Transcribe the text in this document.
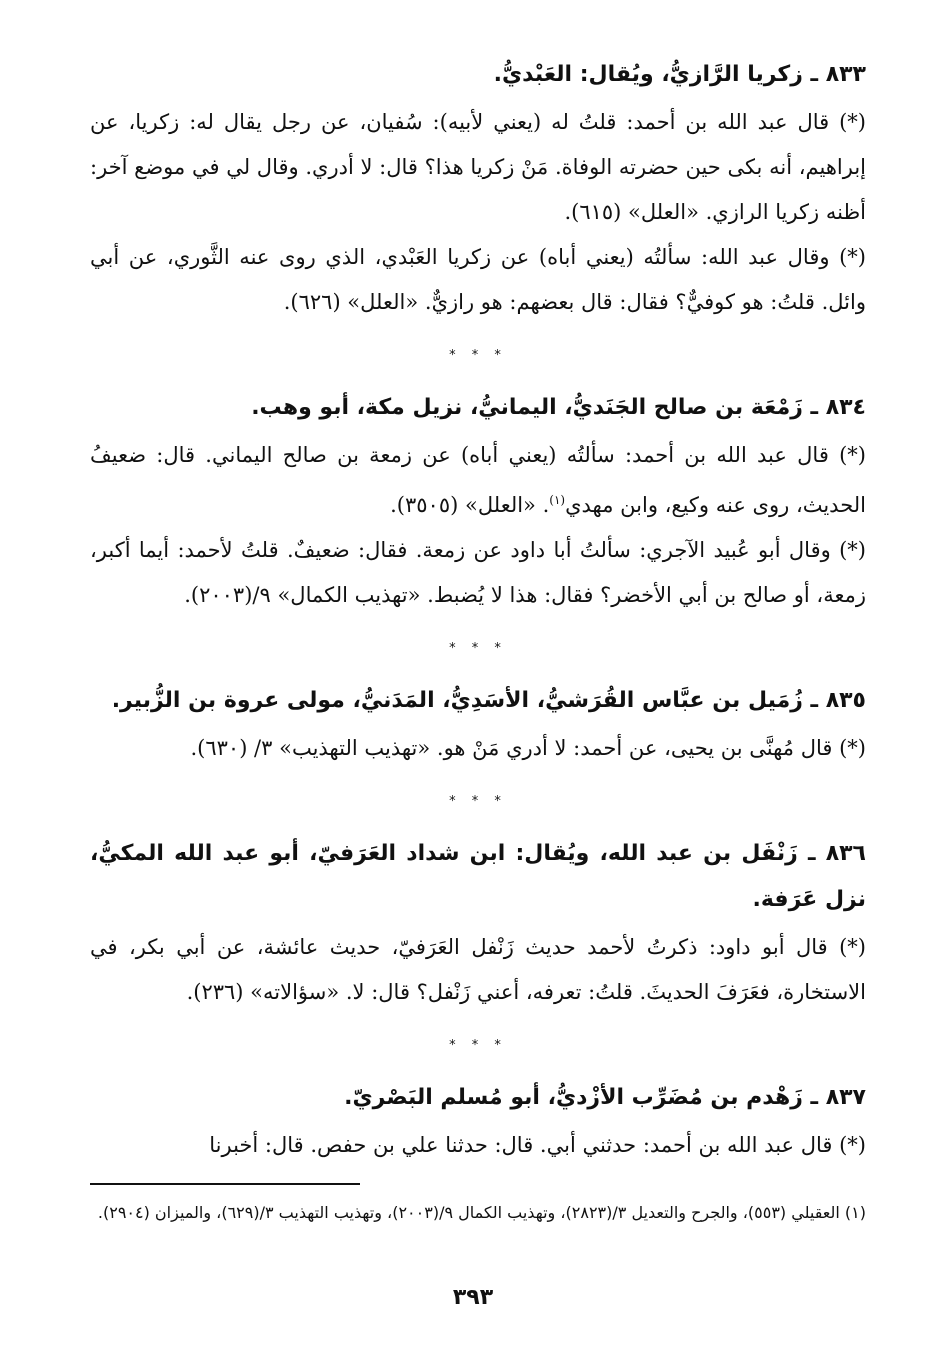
٨٣٣ ـ زكريا الرَّازيُّ، ويُقال: العَبْديُّ.

(*) قال عبد الله بن أحمد: قلتُ له (يعني لأبيه): سُفيان، عن رجل يقال له: زكريا، عن إبراهيم، أنه بكى حين حضرته الوفاة. مَنْ زكريا هذا؟ قال: لا أدري. وقال لي في موضع آخر: أظنه زكريا الرازي. «العلل» (٦١٥).

(*) وقال عبد الله: سألتُه (يعني أباه) عن زكريا العَبْدي، الذي روى عنه الثَّوري، عن أبي وائل. قلتُ: هو كوفيٌّ؟ فقال: قال بعضهم: هو رازيٌّ. «العلل» (٦٢٦).

* * *

٨٣٤ ـ زَمْعَة بن صالح الجَنَديُّ، اليمانيُّ، نزيل مكة، أبو وهب.

(*) قال عبد الله بن أحمد: سألتُه (يعني أباه) عن زمعة بن صالح اليماني. قال: ضعيفُ الحديث، روى عنه وكيع، وابن مهدي$^{(١)}$. «العلل» (٣٥٠٥).

(*) وقال أبو عُبيد الآجري: سألتُ أبا داود عن زمعة. فقال: ضعيفٌ. قلتُ لأحمد: أيما أكبر، زمعة، أو صالح بن أبي الأخضر؟ فقال: هذا لا يُضبط. «تهذيب الكمال» ٩/(٢٠٠٣).

* * *

٨٣٥ ـ زُمَيل بن عبَّاس القُرَشيُّ، الأسَدِيُّ، المَدَنيُّ، مولى عروة بن الزُّبير.

(*) قال مُهنَّى بن يحيى، عن أحمد: لا أدري مَنْ هو. «تهذيب التهذيب» ٣/ (٦٣٠).

* * *

٨٣٦ ـ زَنْفَل بن عبد الله، ويُقال: ابن شداد العَرَفيّ، أبو عبد الله المكيُّ، نزل عَرَفة.

(*) قال أبو داود: ذكرتُ لأحمد حديث زَنْفل العَرَفيّ، حديث عائشة، عن أبي بكر، في الاستخارة، فعَرَفَ الحديثَ. قلتُ: تعرفه، أعني زَنْفل؟ قال: لا. «سؤالاته» (٢٣٦).

* * *

٨٣٧ ـ زَهْدم بن مُضَرِّب الأزْديُّ، أبو مُسلم البَصْريّ.

(*) قال عبد الله بن أحمد: حدثني أبي. قال: حدثنا علي بن حفص. قال: أخبرنا

(١) العقيلي (٥٥٣)، والجرح والتعديل ٣/(٢٨٢٣)، وتهذيب الكمال ٩/(٢٠٠٣)، وتهذيب التهذيب ٣/(٦٢٩)، والميزان (٢٩٠٤).
٣٩٣
